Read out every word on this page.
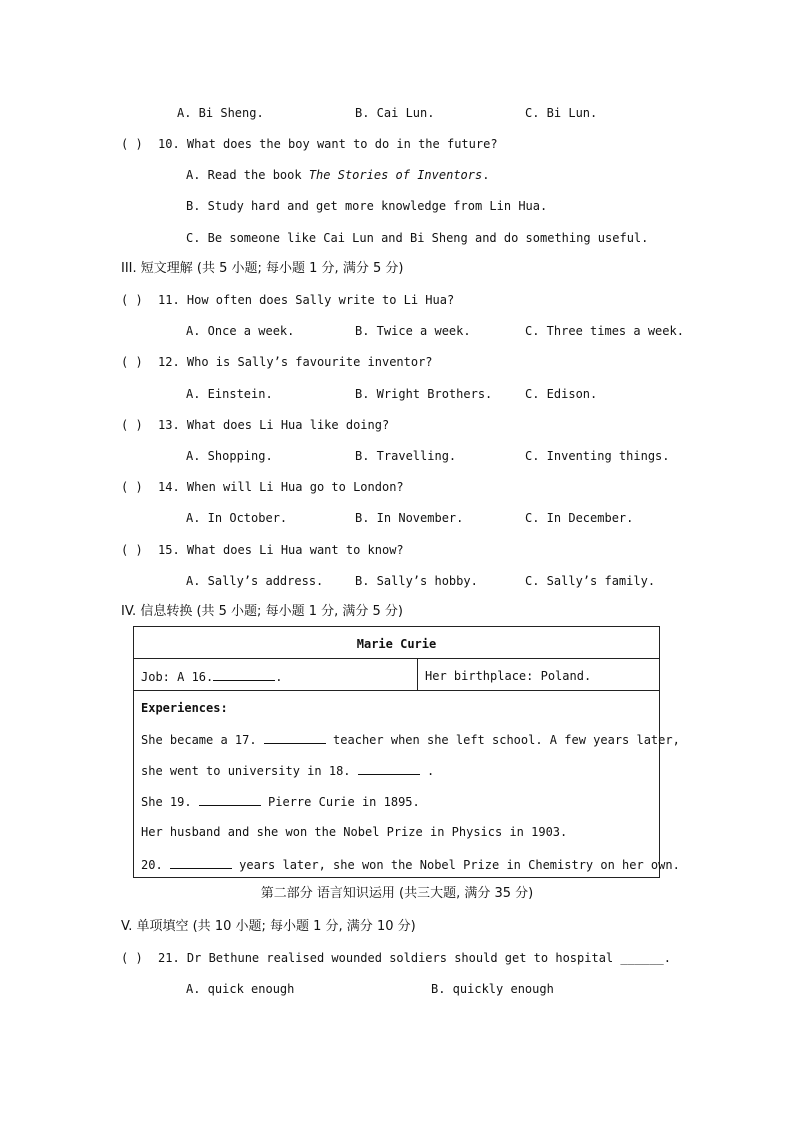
A. Bi Sheng.	B. Cai Lun.	C. Bi Lun.
( ) 10. What does the boy want to do in the future?
A. Read the book The Stories of Inventors.
B. Study hard and get more knowledge from Lin Hua.
C. Be someone like Cai Lun and Bi Sheng and do something useful.
III. 短文理解 (共 5 小题; 每小题 1 分, 满分 5 分)
( ) 11. How often does Sally write to Li Hua?
A. Once a week.	B. Twice a week.	C. Three times a week.
( ) 12. Who is Sally’s favourite inventor?
A. Einstein.	B. Wright Brothers.	C. Edison.
( ) 13. What does Li Hua like doing?
A. Shopping.	B. Travelling.	C. Inventing things.
( ) 14. When will Li Hua go to London?
A. In October.	B. In November.	C. In December.
( ) 15. What does Li Hua want to know?
A. Sally’s address.	B. Sally’s hobby.	C. Sally’s family.
IV. 信息转换 (共 5 小题; 每小题 1 分, 满分 5 分)
Marie Curie
Job: A 16.	.	Her birthplace: Poland.
Experiences:
She became a 17.	teacher when she left school. A few years later,
she went to university in 18.	.
She 19.	Pierre Curie in 1895.
Her husband and she won the Nobel Prize in Physics in 1903.
20.	years later, she won the Nobel Prize in Chemistry on her own.
第二部分 语言知识运用 (共三大题, 满分 35 分)
V. 单项填空 (共 10 小题; 每小题 1 分, 满分 10 分)
( ) 21. Dr Bethune realised wounded soldiers should get to hospital ______.
A. quick enough	B. quickly enough
